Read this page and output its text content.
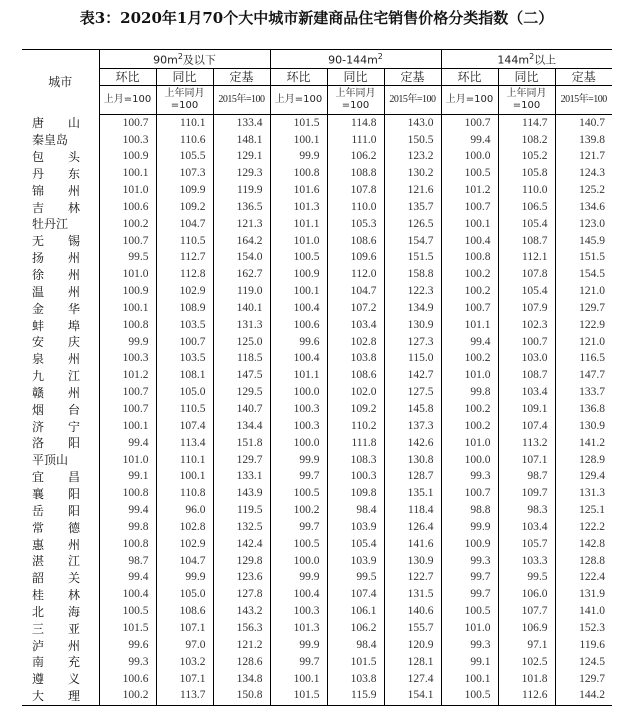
表3：2020年1月70个大中城市新建商品住宅销售价格分类指数（二）
城市	$90m^2$及以下			$90-144m^2$			$144m^2$以上		
	环比	同比	定基	环比	同比	定基	环比	同比	定基
	上月=100	上年同月=100	2015年=100	上月=100	上年同月=100	2015年=100	上月=100	上年同月=100	2015年=100
唐　　山	100.7	110.1	133.4	101.5	114.8	143.0	100.7	114.7	140.7
秦皇岛	100.3	110.6	148.1	100.1	111.0	150.5	99.4	108.2	139.8
包　　头	100.9	105.5	129.1	99.9	106.2	123.2	100.0	105.2	121.7
丹　　东	100.1	107.3	129.3	100.8	108.8	130.2	100.5	105.8	124.3
锦　　州	101.0	109.9	119.9	101.6	107.8	121.6	101.2	110.0	125.2
吉　　林	100.6	109.2	136.5	101.3	110.0	135.7	100.7	106.5	134.6
牡丹江	100.2	104.7	121.3	101.1	105.3	126.5	100.1	105.4	123.0
无　　锡	100.7	110.5	164.2	101.0	108.6	154.7	100.4	108.7	145.9
扬　　州	99.5	112.7	154.0	100.5	109.6	151.5	100.8	112.1	151.5
徐　　州	101.0	112.8	162.7	100.9	112.0	158.8	100.2	107.8	154.5
温　　州	100.9	102.9	119.0	100.1	104.7	122.3	100.2	105.4	121.0
金　　华	100.1	108.9	140.1	100.4	107.2	134.9	100.7	107.9	129.7
蚌　　埠	100.8	103.5	131.3	100.6	103.4	130.9	101.1	102.3	122.9
安　　庆	99.9	100.7	125.0	99.6	102.8	127.3	99.4	100.7	121.0
泉　　州	100.3	103.5	118.5	100.4	103.8	115.0	100.2	103.0	116.5
九　　江	101.2	108.1	147.5	101.1	108.6	142.7	101.0	108.7	147.7
赣　　州	100.7	105.0	129.5	100.0	102.0	127.5	99.8	103.4	133.7
烟　　台	100.7	110.5	140.7	100.3	109.2	145.8	100.2	109.1	136.8
济　　宁	100.1	107.4	134.4	100.3	110.2	137.3	100.2	107.4	130.9
洛　　阳	99.4	113.4	151.8	100.0	111.8	142.6	101.0	113.2	141.2
平顶山	101.0	110.1	129.7	99.9	108.3	130.8	100.0	107.1	128.9
宜　　昌	99.1	100.1	133.1	99.7	100.3	128.7	99.3	98.7	129.4
襄　　阳	100.8	110.8	143.9	100.5	109.8	135.1	100.7	109.7	131.3
岳　　阳	99.4	96.0	119.5	100.2	98.4	118.4	98.8	98.3	125.1
常　　德	99.8	102.8	132.5	99.7	103.9	126.4	99.9	103.4	122.2
惠　　州	100.8	102.9	142.4	100.5	105.4	141.6	100.9	105.7	142.8
湛　　江	98.7	104.7	129.8	100.0	103.9	130.9	99.3	103.3	128.8
韶　　关	99.4	99.9	123.6	99.9	99.5	122.7	99.7	99.5	122.4
桂　　林	100.4	105.0	127.8	100.4	107.4	131.5	99.7	106.0	131.9
北　　海	100.5	108.6	143.2	100.3	106.1	140.6	100.5	107.7	141.0
三　　亚	101.5	107.1	156.3	101.3	106.2	155.7	101.0	106.9	152.3
泸　　州	99.6	97.0	121.2	99.9	98.4	120.9	99.3	97.1	119.6
南　　充	99.3	103.2	128.6	99.7	101.5	128.1	99.1	102.5	124.5
遵　　义	100.6	107.1	134.8	100.1	103.8	127.4	100.1	101.8	129.7
大　　理	100.2	113.7	150.8	101.5	115.9	154.1	100.5	112.6	144.2
